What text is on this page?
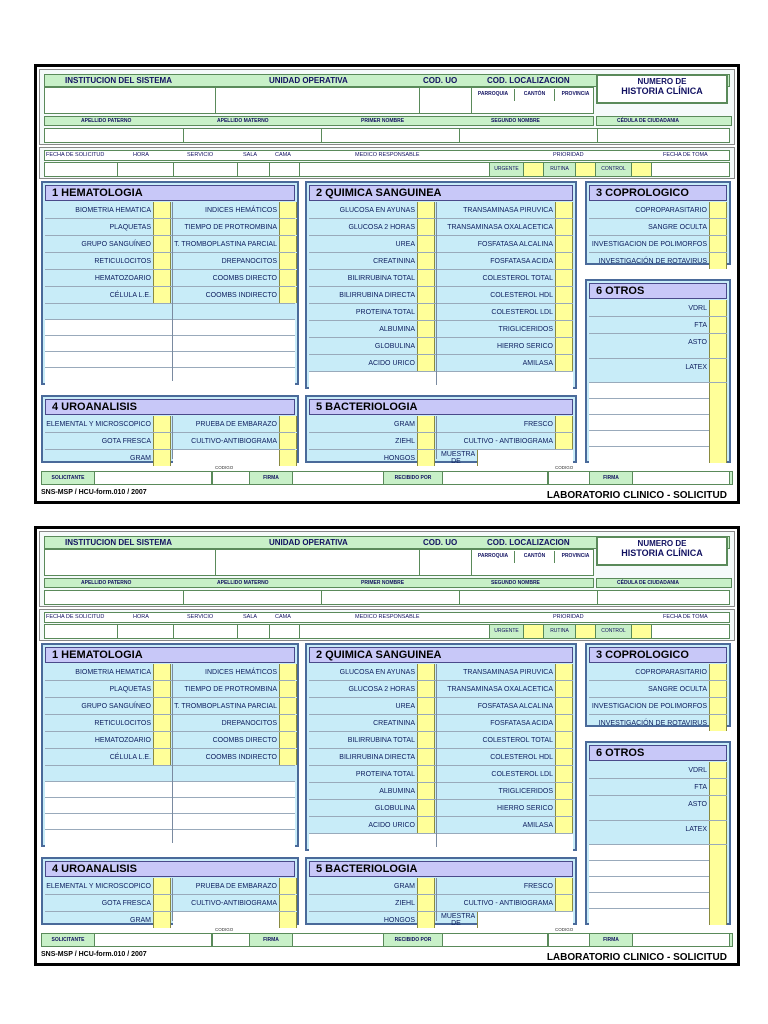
INSTITUCION DEL SISTEMA	UNIDAD OPERATIVA	COD. UO	COD. LOCALIZACION	NUMERO DE
HISTORIA CLÍNICA
PARROQUIA	CANTÓN	PROVINCIA
APELLIDO PATERNO	APELLIDO MATERNO	PRIMER NOMBRE	SEGUNDO NOMBRE	CÉDULA DE CIUDADANIA
FECHA DE SOLICITUD	HORA	SERVICIO	SALA	CAMA	MEDICO RESPONSABLE	PRIORIDAD	FECHA DE TOMA
URGENTE	RUTINA	CONTROL
1 HEMATOLOGIA
BIOMETRIA HEMATICA	INDICES HEMÁTICOS
PLAQUETAS	TIEMPO DE PROTROMBINA
GRUPO SANGUÍNEO	T. TROMBOPLASTINA PARCIAL
RETICULOCITOS	DREPANOCITOS
HEMATOZOARIO	COOMBS DIRECTO
CÉLULA L.E.	COOMBS INDIRECTO
2 QUIMICA SANGUINEA
GLUCOSA EN AYUNAS	TRANSAMINASA PIRUVICA
GLUCOSA 2 HORAS	TRANSAMINASA OXALACETICA
UREA	FOSFATASA ALCALINA
CREATININA	FOSFATASA ACIDA
BILIRRUBINA TOTAL	COLESTEROL TOTAL
BILIRRUBINA DIRECTA	COLESTEROL HDL
PROTEINA TOTAL	COLESTEROL LDL
ALBUMINA	TRIGLICERIDOS
GLOBULINA	HIERRO SERICO
ACIDO URICO	AMILASA
3 COPROLOGICO
COPROPARASITARIO
SANGRE OCULTA
INVESTIGACION DE POLIMORFOS
INVESTIGACIÓN DE ROTAVIRUS
6 OTROS
VDRL
FTA
ASTO
LATEX
4 UROANALISIS
ELEMENTAL Y MICROSCOPICO	PRUEBA DE EMBARAZO
GOTA FRESCA	CULTIVO-ANTIBIOGRAMA
GRAM
5 BACTERIOLOGIA
GRAM	FRESCO
ZIEHL	CULTIVO - ANTIBIOGRAMA
HONGOS	MUESTRA DE
CODIGO	CODIGO
SOLICITANTE	FIRMA	RECIBIDO POR	FIRMA
SNS-MSP / HCU-form.010 / 2007	LABORATORIO CLINICO - SOLICITUD
INSTITUCION DEL SISTEMA	UNIDAD OPERATIVA	COD. UO	COD. LOCALIZACION	NUMERO DE
HISTORIA CLÍNICA
PARROQUIA	CANTÓN	PROVINCIA
APELLIDO PATERNO	APELLIDO MATERNO	PRIMER NOMBRE	SEGUNDO NOMBRE	CÉDULA DE CIUDADANIA
FECHA DE SOLICITUD	HORA	SERVICIO	SALA	CAMA	MEDICO RESPONSABLE	PRIORIDAD	FECHA DE TOMA
URGENTE	RUTINA	CONTROL
1 HEMATOLOGIA
BIOMETRIA HEMATICA	INDICES HEMÁTICOS
PLAQUETAS	TIEMPO DE PROTROMBINA
GRUPO SANGUÍNEO	T. TROMBOPLASTINA PARCIAL
RETICULOCITOS	DREPANOCITOS
HEMATOZOARIO	COOMBS DIRECTO
CÉLULA L.E.	COOMBS INDIRECTO
2 QUIMICA SANGUINEA
GLUCOSA EN AYUNAS	TRANSAMINASA PIRUVICA
GLUCOSA 2 HORAS	TRANSAMINASA OXALACETICA
UREA	FOSFATASA ALCALINA
CREATININA	FOSFATASA ACIDA
BILIRRUBINA TOTAL	COLESTEROL TOTAL
BILIRRUBINA DIRECTA	COLESTEROL HDL
PROTEINA TOTAL	COLESTEROL LDL
ALBUMINA	TRIGLICERIDOS
GLOBULINA	HIERRO SERICO
ACIDO URICO	AMILASA
3 COPROLOGICO
COPROPARASITARIO
SANGRE OCULTA
INVESTIGACION DE POLIMORFOS
INVESTIGACIÓN DE ROTAVIRUS
6 OTROS
VDRL
FTA
ASTO
LATEX
4 UROANALISIS
ELEMENTAL Y MICROSCOPICO	PRUEBA DE EMBARAZO
GOTA FRESCA	CULTIVO-ANTIBIOGRAMA
GRAM
5 BACTERIOLOGIA
GRAM	FRESCO
ZIEHL	CULTIVO - ANTIBIOGRAMA
HONGOS	MUESTRA DE
CODIGO	CODIGO
SOLICITANTE	FIRMA	RECIBIDO POR	FIRMA
SNS-MSP / HCU-form.010 / 2007	LABORATORIO CLINICO - SOLICITUD
